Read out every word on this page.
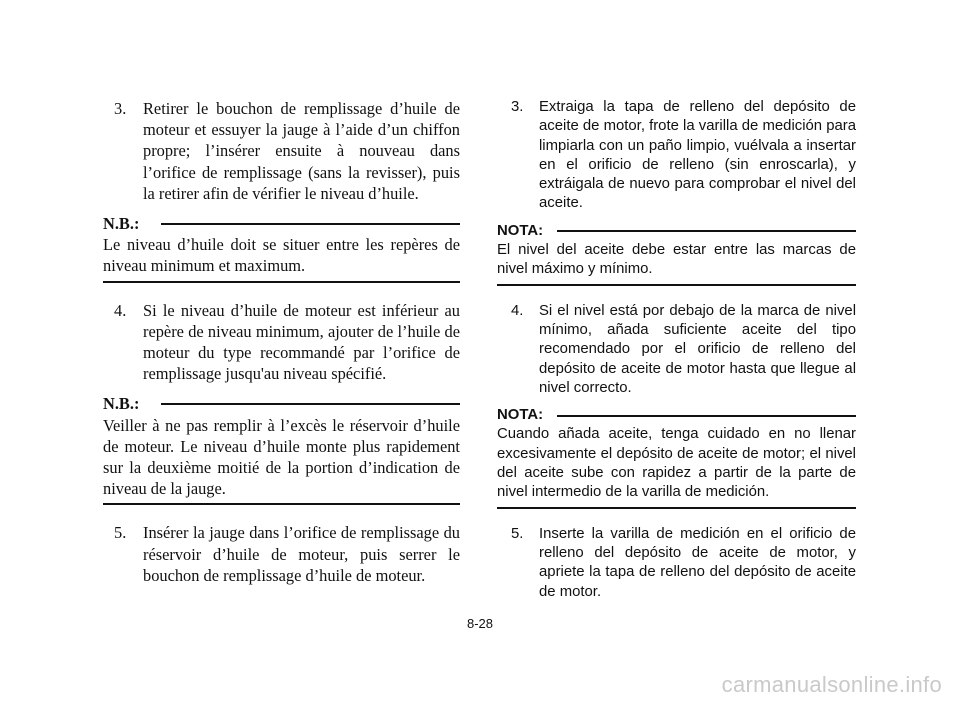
3.	Retirer le bouchon de remplissage d’huile de moteur et essuyer la jauge à l’aide d’un chiffon propre; l’insérer ensuite à nouveau dans l’orifice de remplissage (sans la revisser), puis la retirer afin de vérifier le niveau d’huile.
N.B.:
Le niveau d’huile doit se situer entre les repères de niveau minimum et maximum.
4.	Si le niveau d’huile de moteur est inférieur au repère de niveau minimum, ajouter de l’huile de moteur du type recommandé par l’orifice de remplissage jusqu'au niveau spécifié.
N.B.:
Veiller à ne pas remplir à l’excès le réservoir d’huile de moteur. Le niveau d’huile monte plus rapidement sur la deuxième moitié de la portion d’indication de niveau de la jauge.
5.	Insérer la jauge dans l’orifice de remplissage du réservoir d’huile de moteur, puis serrer le bouchon de remplissage d’huile de moteur.
3.	Extraiga la tapa de relleno del depósito de aceite de motor, frote la varilla de medición para limpiarla con un paño limpio, vuélvala a insertar en el orificio de relleno (sin enroscarla), y extráigala de nuevo para comprobar el nivel del aceite.
NOTA:
El nivel del aceite debe estar entre las marcas de nivel máximo y mínimo.
4.	Si el nivel está por debajo de la marca de nivel mínimo, añada suficiente aceite del tipo recomendado por el orificio de relleno del depósito de aceite de motor hasta que llegue al nivel correcto.
NOTA:
Cuando añada aceite, tenga cuidado en no llenar excesivamente el depósito de aceite de motor; el nivel del aceite sube con rapidez a partir de la parte de nivel intermedio de la varilla de medición.
5.	Inserte la varilla de medición en el orificio de relleno del depósito de aceite de motor, y apriete la tapa de relleno del depósito de aceite de motor.
8-28
carmanualsonline.info
